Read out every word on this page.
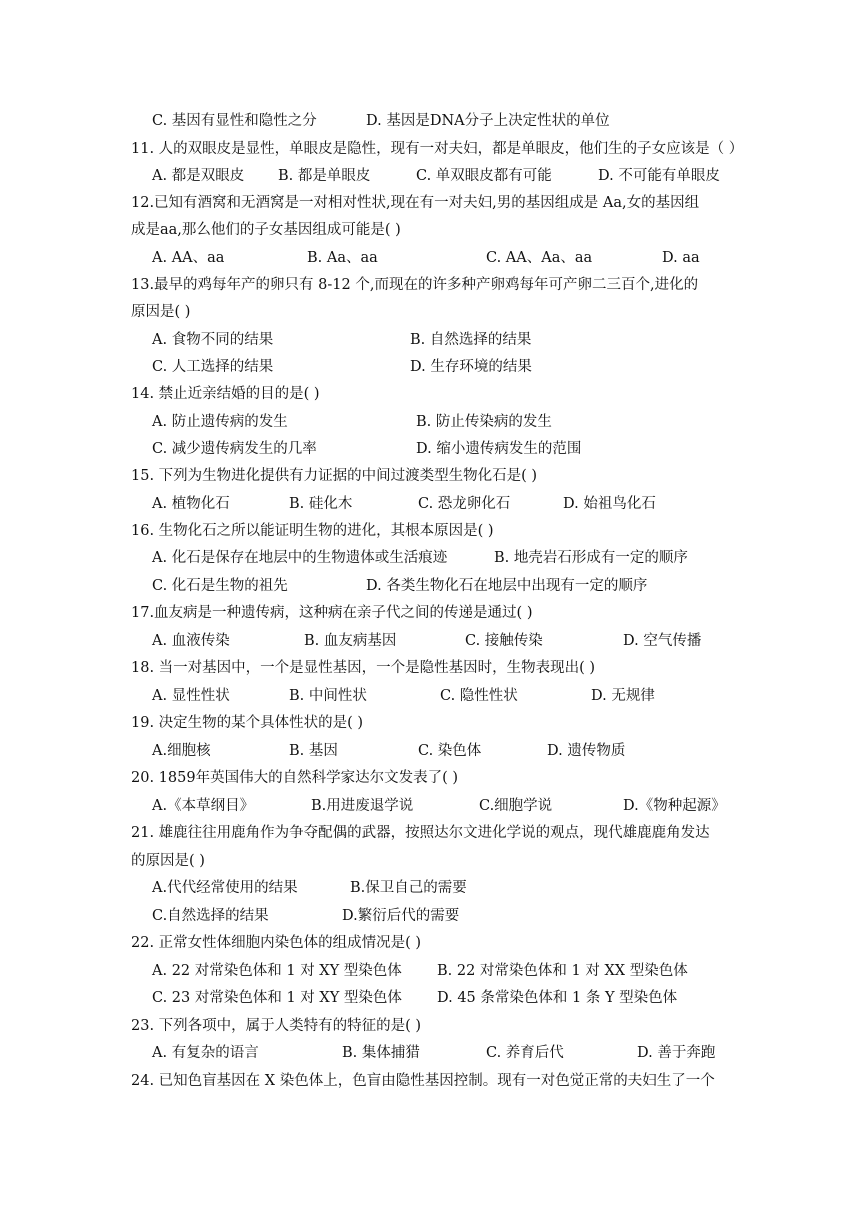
C. 基因有显性和隐性之分	D. 基因是DNA分子上决定性状的单位
11. 人的双眼皮是显性，单眼皮是隐性，现有一对夫妇，都是单眼皮，他们生的子女应该是（ ）
A. 都是双眼皮 B. 都是单眼皮	C. 单双眼皮都有可能	D. 不可能有单眼皮
12.已知有酒窝和无酒窝是一对相对性状,现在有一对夫妇,男的基因组成是 Aa,女的基因组
成是aa,那么他们的子女基因组成可能是( )
A. AA、aa	B. Aa、aa	C. AA、Aa、aa	D. aa
13.最早的鸡每年产的卵只有 8-12 个,而现在的许多种产卵鸡每年可产卵二三百个,进化的
原因是( )
A. 食物不同的结果	B. 自然选择的结果
C. 人工选择的结果	D. 生存环境的结果
14. 禁止近亲结婚的目的是( )
A. 防止遗传病的发生	B. 防止传染病的发生
C. 减少遗传病发生的几率	D. 缩小遗传病发生的范围
15. 下列为生物进化提供有力证据的中间过渡类型生物化石是( )
A. 植物化石	B. 硅化木	C. 恐龙卵化石	D. 始祖鸟化石
16. 生物化石之所以能证明生物的进化，其根本原因是( )
A. 化石是保存在地层中的生物遗体或生活痕迹	B. 地壳岩石形成有一定的顺序
C. 化石是生物的祖先	D. 各类生物化石在地层中出现有一定的顺序
17.血友病是一种遗传病，这种病在亲子代之间的传递是通过( )
A. 血液传染	B. 血友病基因	C. 接触传染	D. 空气传播
18. 当一对基因中，一个是显性基因，一个是隐性基因时，生物表现出( )
A. 显性性状	B. 中间性状	C. 隐性性状	D. 无规律
19. 决定生物的某个具体性状的是( )
A.细胞核	B. 基因	C. 染色体	D. 遗传物质
20. 1859年英国伟大的自然科学家达尔文发表了( )
A.《本草纲目》	B.用进废退学说	C.细胞学说	D.《物种起源》
21. 雄鹿往往用鹿角作为争夺配偶的武器，按照达尔文进化学说的观点，现代雄鹿鹿角发达
的原因是( )
A.代代经常使用的结果	B.保卫自己的需要
C.自然选择的结果	D.繁衍后代的需要
22. 正常女性体细胞内染色体的组成情况是( )
A. 22 对常染色体和 1 对 XY 型染色体 B. 22 对常染色体和 1 对 XX 型染色体
C. 23 对常染色体和 1 对 XY 型染色体 D. 45 条常染色体和 1 条 Y 型染色体
23. 下列各项中，属于人类特有的特征的是( )
A. 有复杂的语言	B. 集体捕猎	C. 养育后代	D. 善于奔跑
24. 已知色盲基因在 X 染色体上，色盲由隐性基因控制。现有一对色觉正常的夫妇生了一个
